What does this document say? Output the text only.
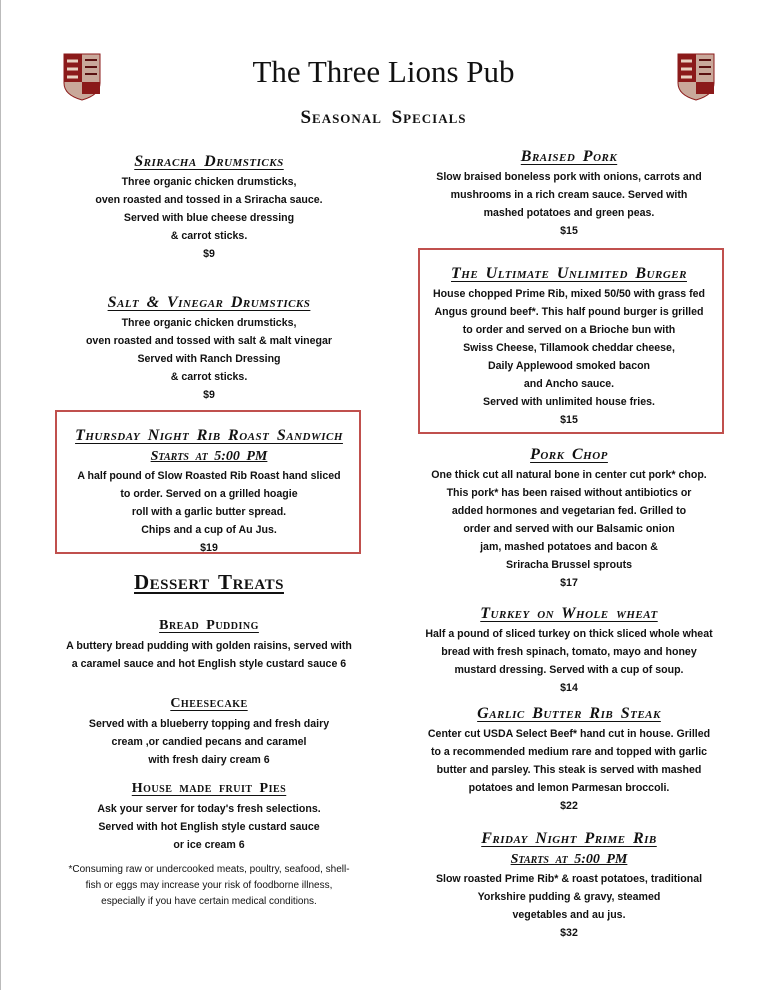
The Three Lions Pub
Seasonal Specials
Sriracha Drumsticks
Three organic chicken drumsticks,
oven roasted and tossed in a Sriracha sauce.
Served with blue cheese dressing
& carrot sticks.
$9
Salt & Vinegar Drumsticks
Three organic chicken drumsticks,
oven roasted and tossed with salt & malt vinegar
Served with Ranch Dressing
& carrot sticks.
$9
Thursday Night Rib Roast Sandwich
Starts at 5:00 PM
A half pound of Slow Roasted Rib Roast hand sliced
to order. Served on a grilled hoagie
roll with a garlic butter spread.
Chips and a cup of Au Jus.
$19
Dessert Treats
Bread Pudding
A buttery bread pudding with golden raisins, served with
a caramel sauce and hot English style custard sauce 6
Cheesecake
Served with a blueberry topping and fresh dairy
cream ,or candied pecans and caramel
with fresh dairy cream 6
House made fruit Pies
Ask your server for today's fresh selections.
Served with hot English style custard sauce
or ice cream 6
*Consuming raw or undercooked meats, poultry, seafood, shell-
fish or eggs may increase your risk of foodborne illness,
especially if you have certain medical conditions.
Braised Pork
Slow braised boneless pork with onions, carrots and
mushrooms in a rich cream sauce. Served with
mashed potatoes and green peas.
$15
The Ultimate Unlimited Burger
House chopped Prime Rib, mixed 50/50 with grass fed
Angus ground beef*. This half pound burger is grilled
to order and served on a Brioche bun with
Swiss Cheese, Tillamook cheddar cheese,
Daily Applewood smoked bacon
and Ancho sauce.
Served with unlimited house fries.
$15
Pork Chop
One thick cut all natural bone in center cut pork* chop.
This pork* has been raised without antibiotics or
added hormones and vegetarian fed. Grilled to
order and served with our Balsamic onion
jam, mashed potatoes and bacon &
Sriracha Brussel sprouts
$17
Turkey on Whole wheat
Half a pound of sliced turkey on thick sliced whole wheat
bread with fresh spinach, tomato, mayo and honey
mustard dressing. Served with a cup of soup.
$14
Garlic Butter Rib Steak
Center cut USDA Select Beef* hand cut in house. Grilled
to a recommended medium rare and topped with garlic
butter and parsley. This steak is served with mashed
potatoes and lemon Parmesan broccoli.
$22
Friday Night Prime Rib
Starts at 5:00 PM
Slow roasted Prime Rib* & roast potatoes, traditional
Yorkshire pudding & gravy, steamed
vegetables and au jus.
$32
